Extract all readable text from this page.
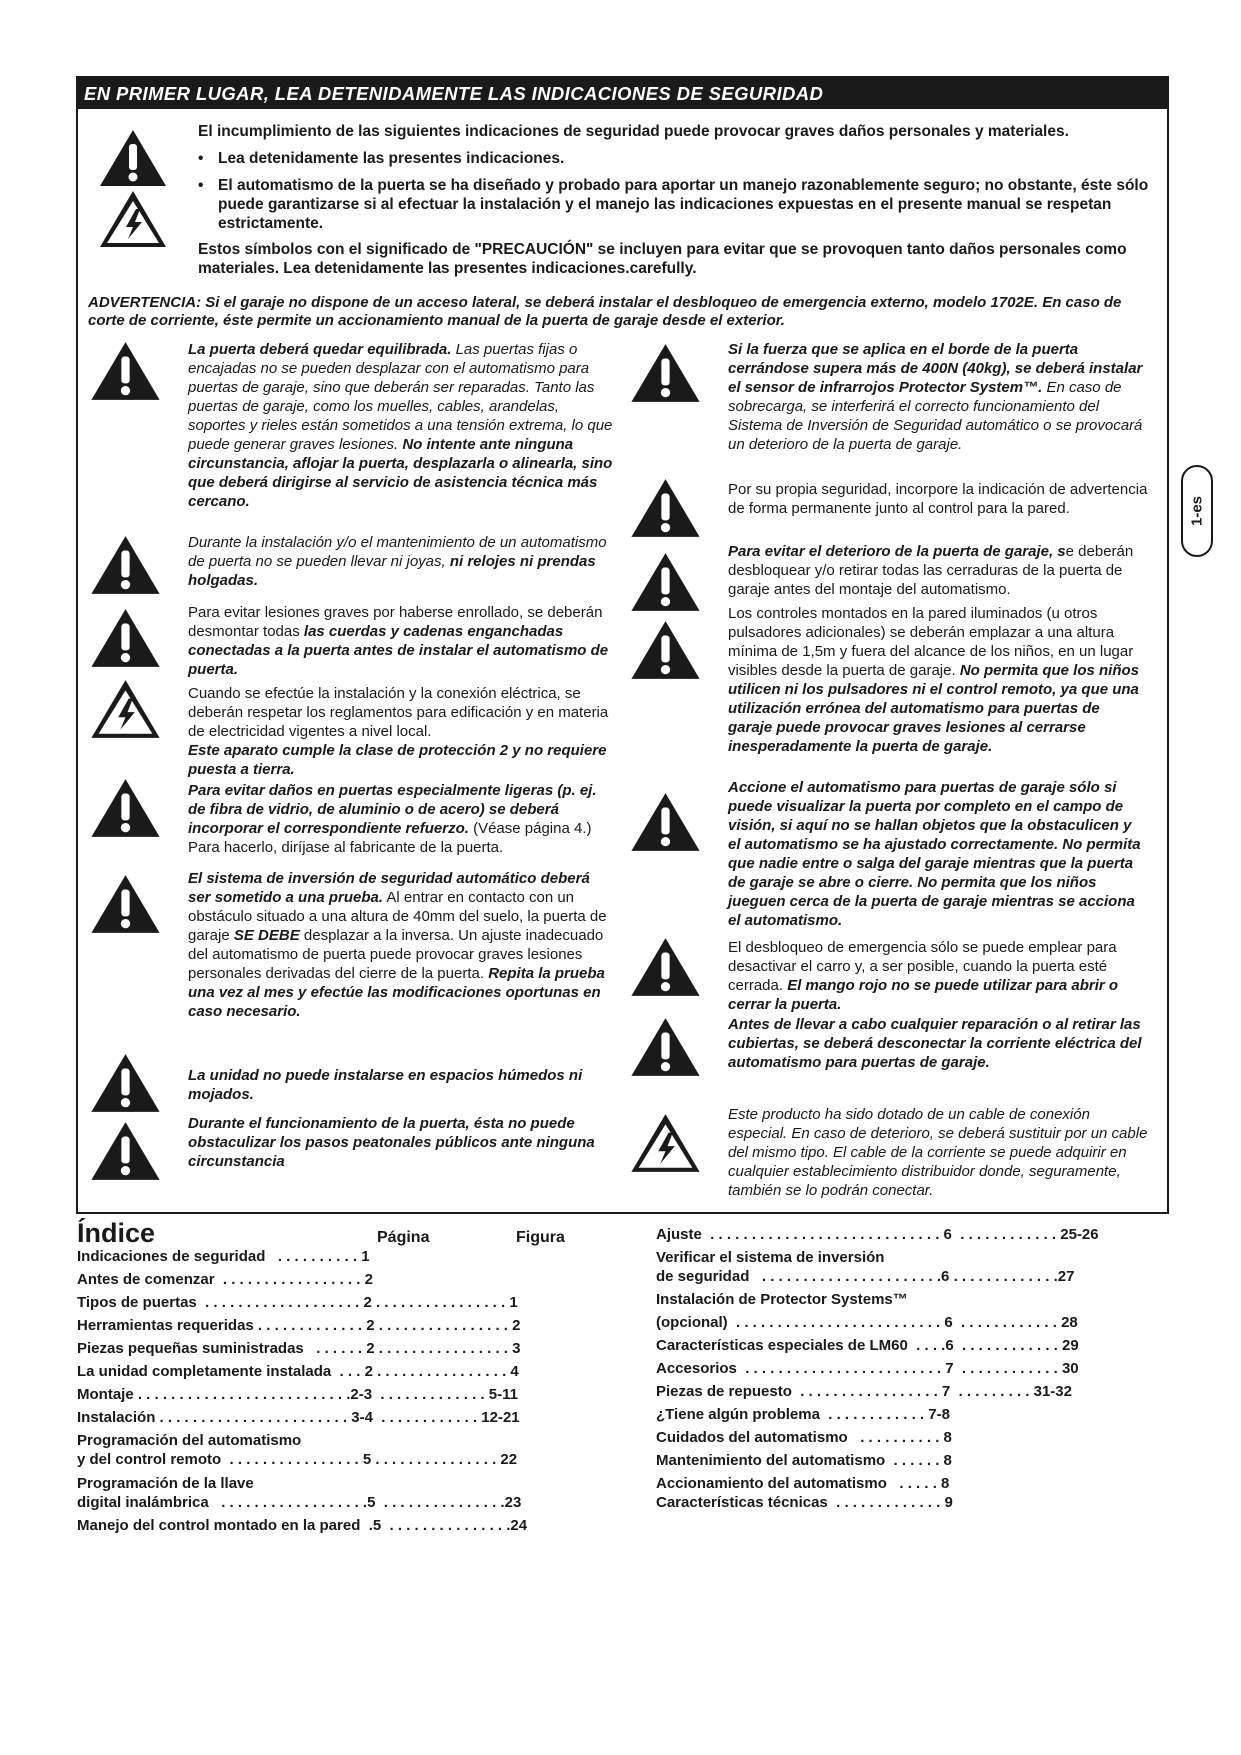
EN PRIMER LUGAR, LEA DETENIDAMENTE LAS INDICACIONES DE SEGURIDAD
El incumplimiento de las siguientes indicaciones de seguridad puede provocar graves daños personales y materiales.
• Lea detenidamente las presentes indicaciones.
• El automatismo de la puerta se ha diseñado y probado para aportar un manejo razonablemente seguro; no obstante, éste sólo puede garantizarse si al efectuar la instalación y el manejo las indicaciones expuestas en el presente manual se respetan estrictamente.
Estos símbolos con el significado de "PRECAUCIÓN" se incluyen para evitar que se provoquen tanto daños personales como materiales. Lea detenidamente las presentes indicaciones.carefully.
ADVERTENCIA: Si el garaje no dispone de un acceso lateral, se deberá instalar el desbloqueo de emergencia externo, modelo 1702E. En caso de corte de corriente, éste permite un accionamiento manual de la puerta de garaje desde el exterior.
La puerta deberá quedar equilibrada. Las puertas fijas o encajadas no se pueden desplazar con el automatismo para puertas de garaje, sino que deberán ser reparadas. Tanto las puertas de garaje, como los muelles, cables, arandelas, soportes y rieles están sometidos a una tensión extrema, lo que puede generar graves lesiones. No intente ante ninguna circunstancia, aflojar la puerta, desplazarla o alinearla, sino que deberá dirigirse al servicio de asistencia técnica más cercano.
Durante la instalación y/o el mantenimiento de un automatismo de puerta no se pueden llevar ni joyas, ni relojes ni prendas holgadas.
Para evitar lesiones graves por haberse enrollado, se deberán desmontar todas las cuerdas y cadenas enganchadas conectadas a la puerta antes de instalar el automatismo de puerta.
Cuando se efectúe la instalación y la conexión eléctrica, se deberán respetar los reglamentos para edificación y en materia de electricidad vigentes a nivel local.
Este aparato cumple la clase de protección 2 y no requiere puesta a tierra.
Para evitar daños en puertas especialmente ligeras (p. ej. de fibra de vidrio, de aluminio o de acero) se deberá incorporar el correspondiente refuerzo. (Véase página 4.) Para hacerlo, diríjase al fabricante de la puerta.
El sistema de inversión de seguridad automático deberá ser sometido a una prueba. Al entrar en contacto con un obstáculo situado a una altura de 40mm del suelo, la puerta de garaje SE DEBE desplazar a la inversa. Un ajuste inadecuado del automatismo de puerta puede provocar graves lesiones personales derivadas del cierre de la puerta. Repita la prueba una vez al mes y efectúe las modificaciones oportunas en caso necesario.
La unidad no puede instalarse en espacios húmedos ni mojados.
Durante el funcionamiento de la puerta, ésta no puede obstaculizar los pasos peatonales públicos ante ninguna circunstancia
Si la fuerza que se aplica en el borde de la puerta cerrándose supera más de 400N (40kg), se deberá instalar el sensor de infrarrojos Protector System™. En caso de sobrecarga, se interferirá el correcto funcionamiento del Sistema de Inversión de Seguridad automático o se provocará un deterioro de la puerta de garaje.
Por su propia seguridad, incorpore la indicación de advertencia de forma permanente junto al control para la pared.
Para evitar el deterioro de la puerta de garaje, se deberán desbloquear y/o retirar todas las cerraduras de la puerta de garaje antes del montaje del automatismo.
Los controles montados en la pared iluminados (u otros pulsadores adicionales) se deberán emplazar a una altura mínima de 1,5m y fuera del alcance de los niños, en un lugar visibles desde la puerta de garaje. No permita que los niños utilicen ni los pulsadores ni el control remoto, ya que una utilización errónea del automatismo para puertas de garaje puede provocar graves lesiones al cerrarse inesperadamente la puerta de garaje.
Accione el automatismo para puertas de garaje sólo si puede visualizar la puerta por completo en el campo de visión, si aquí no se hallan objetos que la obstaculicen y el automatismo se ha ajustado correctamente. No permita que nadie entre o salga del garaje mientras que la puerta de garaje se abre o cierre. No permita que los niños jueguen cerca de la puerta de garaje mientras se acciona el automatismo.
El desbloqueo de emergencia sólo se puede emplear para desactivar el carro y, a ser posible, cuando la puerta esté cerrada. El mango rojo no se puede utilizar para abrir o cerrar la puerta.
Antes de llevar a cabo cualquier reparación o al retirar las cubiertas, se deberá desconectar la corriente eléctrica del automatismo para puertas de garaje.
Este producto ha sido dotado de un cable de conexión especial. En caso de deterioro, se deberá sustituir por un cable del mismo tipo. El cable de la corriente se puede adquirir en cualquier establecimiento distribuidor donde, seguramente, también se lo podrán conectar.
1-es
Índice	Página	Figura
Indicaciones de seguridad   . . . . . . . . . . 1
Antes de comenzar  . . . . . . . . . . . . . . . . . 2
Tipos de puertas  . . . . . . . . . . . . . . . . . . . 2 . . . . . . . . . . . . . . . . 1
Herramientas requeridas . . . . . . . . . . . . . 2 . . . . . . . . . . . . . . . . 2
Piezas pequeñas suministradas   . . . . . . 2 . . . . . . . . . . . . . . . . 3
La unidad completamente instalada  . . . 2 . . . . . . . . . . . . . . . . 4
Montaje . . . . . . . . . . . . . . . . . . . . . . . . . .2-3  . . . . . . . . . . . . . 5-11
Instalación . . . . . . . . . . . . . . . . . . . . . . . 3-4  . . . . . . . . . . . . 12-21
Programación del automatismo
y del control remoto  . . . . . . . . . . . . . . . . 5 . . . . . . . . . . . . . . . 22
Programación de la llave
digital inalámbrica   . . . . . . . . . . . . . . . . . .5  . . . . . . . . . . . . . . .23
Manejo del control montado en la pared  .5  . . . . . . . . . . . . . . .24
Ajuste  . . . . . . . . . . . . . . . . . . . . . . . . . . . . 6  . . . . . . . . . . . . 25-26
Verificar el sistema de inversión
de seguridad   . . . . . . . . . . . . . . . . . . . . . .6 . . . . . . . . . . . . .27
Instalación de Protector Systems™
(opcional)  . . . . . . . . . . . . . . . . . . . . . . . . . 6  . . . . . . . . . . . . 28
Características especiales de LM60  . . . .6  . . . . . . . . . . . . 29
Accesorios  . . . . . . . . . . . . . . . . . . . . . . . . 7  . . . . . . . . . . . . 30
Piezas de repuesto  . . . . . . . . . . . . . . . . . 7  . . . . . . . . . 31-32
¿Tiene algún problema  . . . . . . . . . . . . 7-8
Cuidados del automatismo   . . . . . . . . . . 8
Mantenimiento del automatismo  . . . . . . 8
Accionamiento del automatismo   . . . . . 8
Características técnicas  . . . . . . . . . . . . . 9
